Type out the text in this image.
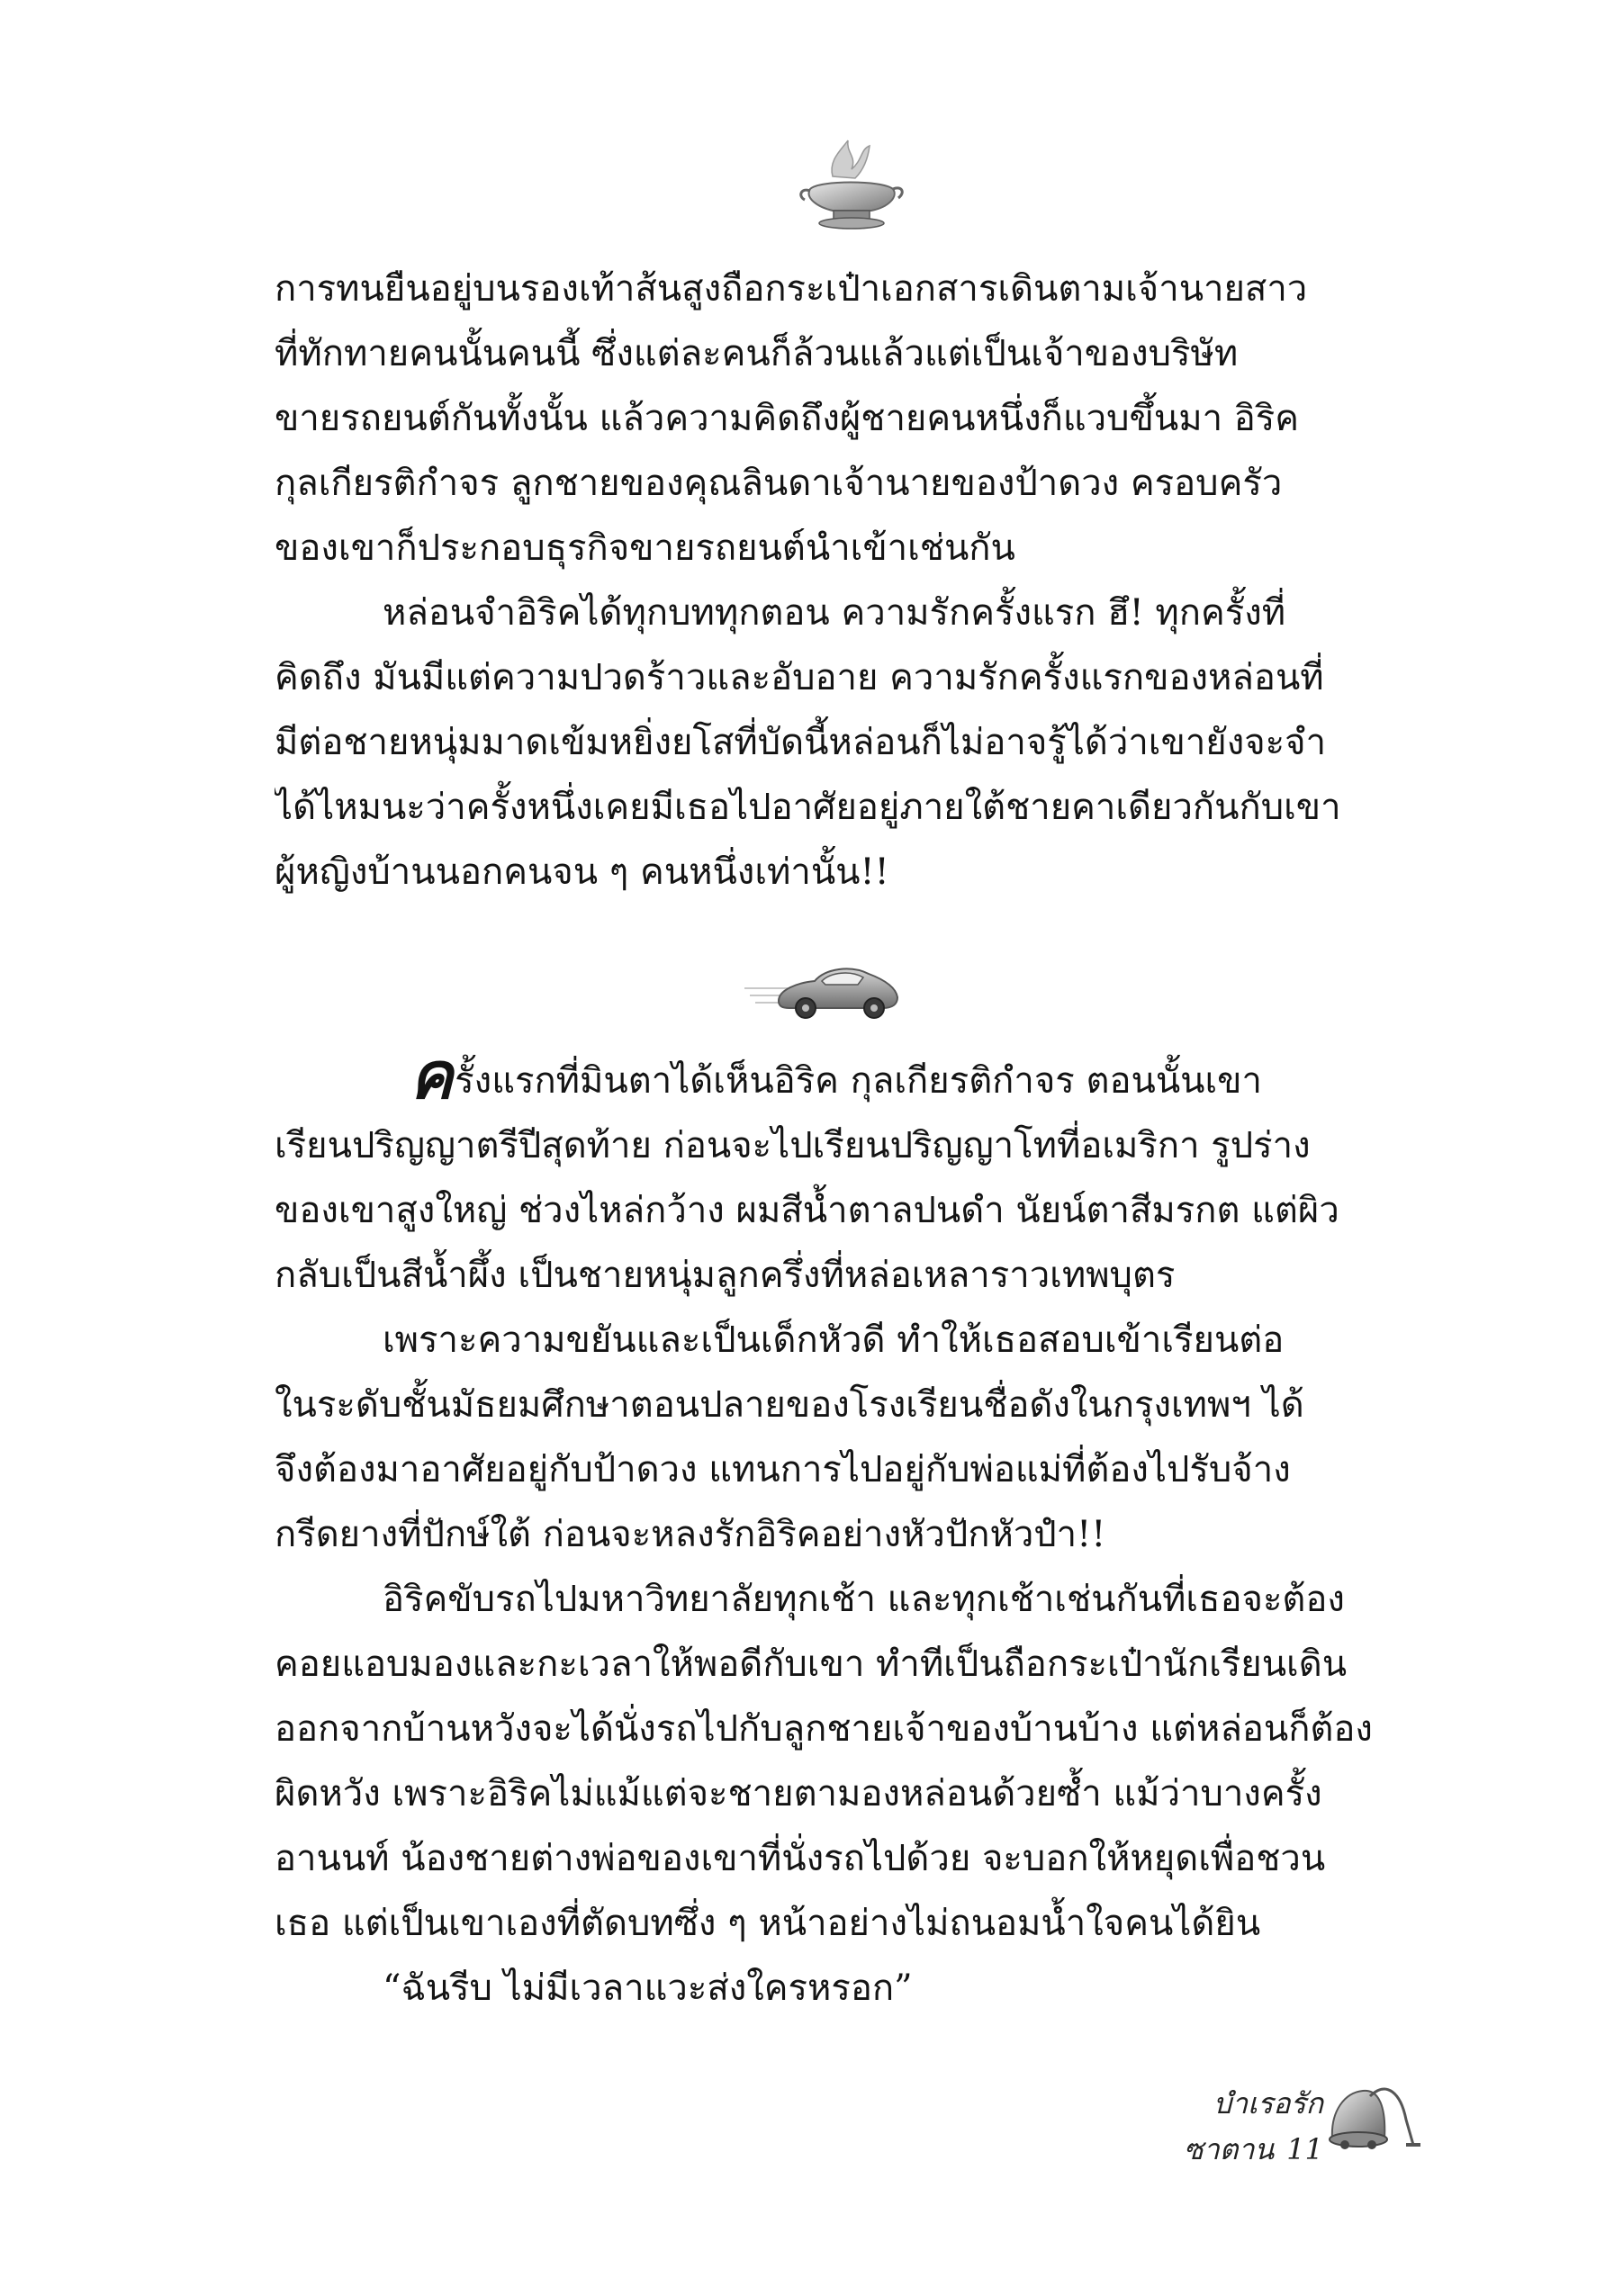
การทนยืนอยู่บนรองเท้าส้นสูงถือกระเป๋าเอกสารเดินตามเจ้านายสาว
ที่ทักทายคนนั้นคนนี้ ซึ่งแต่ละคนก็ล้วนแล้วแต่เป็นเจ้าของบริษัท
ขายรถยนต์กันทั้งนั้น แล้วความคิดถึงผู้ชายคนหนึ่งก็แวบขึ้นมา อิริค
กุลเกียรติกำจร ลูกชายของคุณลินดาเจ้านายของป้าดวง ครอบครัว
ของเขาก็ประกอบธุรกิจขายรถยนต์นำเข้าเช่นกัน
หล่อนจำอิริคได้ทุกบททุกตอน ความรักครั้งแรก ฮึ! ทุกครั้งที่
คิดถึง มันมีแต่ความปวดร้าวและอับอาย ความรักครั้งแรกของหล่อนที่
มีต่อชายหนุ่มมาดเข้มหยิ่งยโสที่บัดนี้หล่อนก็ไม่อาจรู้ได้ว่าเขายังจะจำ
ได้ไหมนะว่าครั้งหนึ่งเคยมีเธอไปอาศัยอยู่ภายใต้ชายคาเดียวกันกับเขา
ผู้หญิงบ้านนอกคนจน ๆ คนหนึ่งเท่านั้น!!
ครั้งแรกที่มินตาได้เห็นอิริค กุลเกียรติกำจร ตอนนั้นเขา
เรียนปริญญาตรีปีสุดท้าย ก่อนจะไปเรียนปริญญาโทที่อเมริกา รูปร่าง
ของเขาสูงใหญ่ ช่วงไหล่กว้าง ผมสีน้ำตาลปนดำ นัยน์ตาสีมรกต แต่ผิว
กลับเป็นสีน้ำผึ้ง เป็นชายหนุ่มลูกครึ่งที่หล่อเหลาราวเทพบุตร
เพราะความขยันและเป็นเด็กหัวดี ทำให้เธอสอบเข้าเรียนต่อ
ในระดับชั้นมัธยมศึกษาตอนปลายของโรงเรียนชื่อดังในกรุงเทพฯ ได้
จึงต้องมาอาศัยอยู่กับป้าดวง แทนการไปอยู่กับพ่อแม่ที่ต้องไปรับจ้าง
กรีดยางที่ปักษ์ใต้ ก่อนจะหลงรักอิริคอย่างหัวปักหัวปำ!!
อิริคขับรถไปมหาวิทยาลัยทุกเช้า และทุกเช้าเช่นกันที่เธอจะต้อง
คอยแอบมองและกะเวลาให้พอดีกับเขา ทำทีเป็นถือกระเป๋านักเรียนเดิน
ออกจากบ้านหวังจะได้นั่งรถไปกับลูกชายเจ้าของบ้านบ้าง แต่หล่อนก็ต้อง
ผิดหวัง เพราะอิริคไม่แม้แต่จะชายตามองหล่อนด้วยซ้ำ แม้ว่าบางครั้ง
อานนท์ น้องชายต่างพ่อของเขาที่นั่งรถไปด้วย จะบอกให้หยุดเพื่อชวน
เธอ แต่เป็นเขาเองที่ตัดบทซึ่ง ๆ หน้าอย่างไม่ถนอมน้ำใจคนได้ยิน
“ฉันรีบ ไม่มีเวลาแวะส่งใครหรอก”
บำเรอรักซาตาน 11
